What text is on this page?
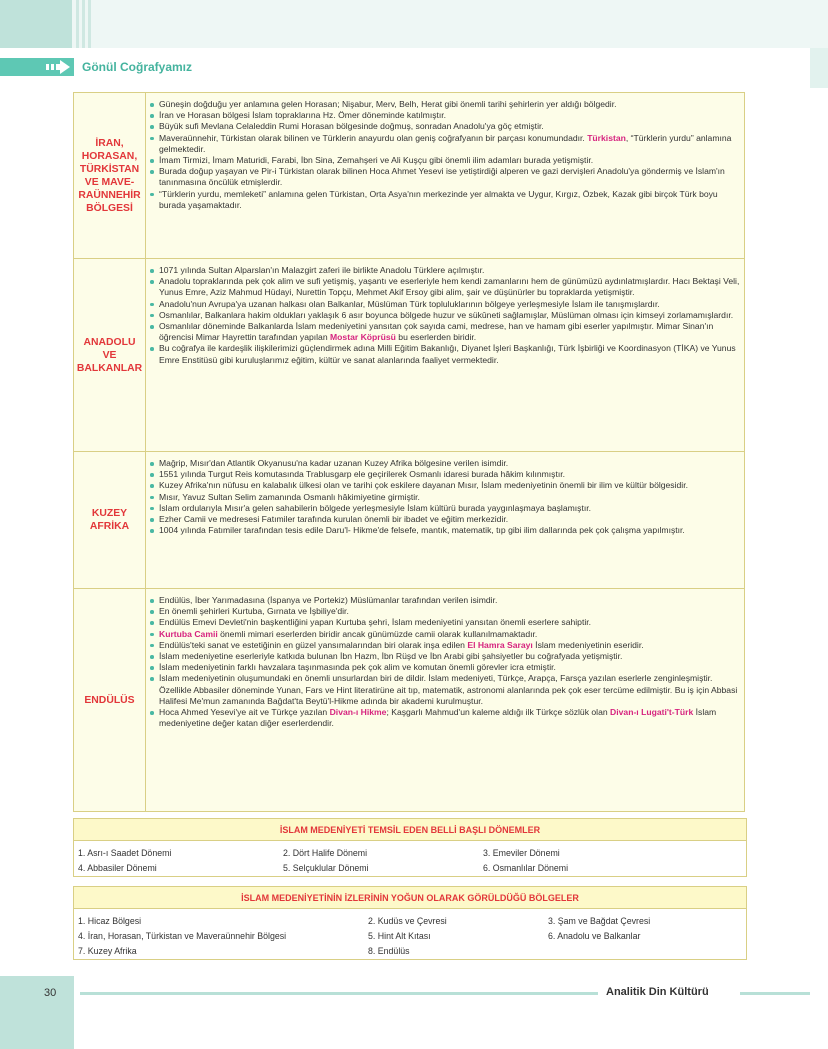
Gönül Coğrafyamız
İRAN, HORASAN, TÜRKİSTAN VE MAVE-RAÜNNEHİR BÖLGESİ
Güneşin doğduğu yer anlamına gelen Horasan; Nişabur, Merv, Belh, Herat gibi önemli tarihi şehirlerin yer aldığı bölgedir.
İran ve Horasan bölgesi İslam topraklarına Hz. Ömer döneminde katılmıştır.
Büyük sufi Mevlana Celaleddin Rumi Horasan bölgesinde doğmuş, sonradan Anadolu'ya göç etmiştir.
Maveraünnehir, Türkistan olarak bilinen ve Türklerin anayurdu olan geniş coğrafyanın bir parçası konumundadır. Türkistan, “Türklerin yurdu” anlamına gelmektedir.
İmam Tirmizi, İmam Maturidi, Farabi, İbn Sina, Zemahşeri ve Ali Kuşçu gibi önemli ilim adamları burada yetişmiştir.
Burada doğup yaşayan ve Pir-i Türkistan olarak bilinen Hoca Ahmet Yesevi ise yetiştirdiği alperen ve gazi dervişleri Anadolu'ya göndermiş ve İslam'ın tanınmasına öncülük etmişlerdir.
“Türklerin yurdu, memleketi” anlamına gelen Türkistan, Orta Asya'nın merkezinde yer almakta ve Uygur, Kırgız, Özbek, Kazak gibi birçok Türk boyu burada yaşamaktadır.
ANADOLU VE BALKANLAR
1071 yılında Sultan Alparslan'ın Malazgirt zaferi ile birlikte Anadolu Türklere açılmıştır.
Anadolu topraklarında pek çok alim ve sufi yetişmiş, yaşantı ve eserleriyle hem kendi zamanlarını hem de günümüzü aydınlatmışlardır. Hacı Bektaşi Veli, Yunus Emre, Aziz Mahmud Hüdayi, Nurettin Topçu, Mehmet Akif Ersoy gibi alim, şair ve düşünürler bu topraklarda yetişmiştir.
Anadolu'nun Avrupa'ya uzanan halkası olan Balkanlar, Müslüman Türk topluluklarının bölgeye yerleşmesiyle İslam ile tanışmışlardır.
Osmanlılar, Balkanlara hakim oldukları yaklaşık 6 asır boyunca bölgede huzur ve sükûneti sağlamışlar, Müslüman olması için kimseyi zorlamamışlardır.
Osmanlılar döneminde Balkanlarda İslam medeniyetini yansıtan çok sayıda cami, medrese, han ve hamam gibi eserler yapılmıştır. Mimar Sinan'ın öğrencisi Mimar Hayrettin tarafından yapılan Mostar Köprüsü bu eserlerden biridir.
Bu coğrafya ile kardeşlik ilişkilerimizi güçlendirmek adına Milli Eğitim Bakanlığı, Diyanet İşleri Başkanlığı, Türk İşbirliği ve Koordinasyon (TİKA) ve Yunus Emre Enstitüsü gibi kuruluşlarımız eğitim, kültür ve sanat alanlarında faaliyet vermektedir.
KUZEY AFRİKA
Mağrip, Mısır'dan Atlantik Okyanusu'na kadar uzanan Kuzey Afrika bölgesine verilen isimdir.
1551 yılında Turgut Reis komutasında Trablusgarp ele geçirilerek Osmanlı idaresi burada hâkim kılınmıştır.
Kuzey Afrika'nın nüfusu en kalabalık ülkesi olan ve tarihi çok eskilere dayanan Mısır, İslam medeniyetinin önemli bir ilim ve kültür bölgesidir.
Mısır, Yavuz Sultan Selim zamanında Osmanlı hâkimiyetine girmiştir.
İslam ordularıyla Mısır'a gelen sahabilerin bölgede yerleşmesiyle İslam kültürü burada yaygınlaşmaya başlamıştır.
Ezher Camii ve medresesi Fatımiler tarafında kurulan önemli bir ibadet ve eğitim merkezidir.
1004 yılında Fatımiler tarafından tesis edile Daru'l- Hikme'de felsefe, mantık, matematik, tıp gibi ilim dallarında pek çok çalışma yapılmıştır.
ENDÜLÜS
Endülüs, İber Yarımadasına (İspanya ve Portekiz) Müslümanlar tarafından verilen isimdir.
En önemli şehirleri Kurtuba, Gırnata ve İşbiliye'dir.
Endülüs Emevi Devleti'nin başkentliğini yapan Kurtuba şehri, İslam medeniyetini yansıtan önemli eserlere sahiptir.
Kurtuba Camii önemli mimari eserlerden biridir ancak günümüzde camii olarak kullanılmamaktadır.
Endülüs'teki sanat ve estetiğinin en güzel yansımalarından biri olarak inşa edilen El Hamra Sarayı İslam medeniyetinin eseridir.
İslam medeniyetine eserleriyle katkıda bulunan İbn Hazm, İbn Rüşd ve İbn Arabi gibi şahsiyetler bu coğrafyada yetişmiştir.
İslam medeniyetinin farklı havzalara taşınmasında pek çok alim ve komutan önemli görevler icra etmiştir.
İslam medeniyetinin oluşumundaki en önemli unsurlardan biri de dildir. İslam medeniyeti, Türkçe, Arapça, Farsça yazılan eserlerle zenginleşmiştir. Özellikle Abbasiler döneminde Yunan, Fars ve Hint literatirüne ait tıp, matematik, astronomi alanlarında pek çok eser tercüme edilmiştir. Bu iş için Abbasi Halifesi Me'mun zamanında Bağdat'ta Beytü'l-Hikme adında bir akademi kurulmuştur.
Hoca Ahmed Yesevi'ye ait ve Türkçe yazılan Divan-ı Hikme; Kaşgarlı Mahmud'un kaleme aldığı ilk Türkçe sözlük olan Divan-ı Lugati't-Türk İslam medeniyetine değer katan diğer eserlerdendir.
İSLAM MEDENİYETİ TEMSİL EDEN BELLİ BAŞLI DÖNEMLER
1. Asrı-ı Saadet Dönemi	2. Dört Halife Dönemi	3. Emeviler Dönemi
4. Abbasiler Dönemi	5. Selçuklular Dönemi	6. Osmanlılar Dönemi
İSLAM MEDENİYETİNİN İZLERİNİN YOĞUN OLARAK GÖRÜLDÜĞÜ BÖLGELER
1. Hicaz Bölgesi	2. Kudüs ve Çevresi	3. Şam ve Bağdat Çevresi
4. İran, Horasan, Türkistan ve Maveraünnehir Bölgesi	5. Hint Alt Kıtası	6. Anadolu ve Balkanlar
7. Kuzey Afrika	8. Endülüs
30	Analitik Din Kültürü
